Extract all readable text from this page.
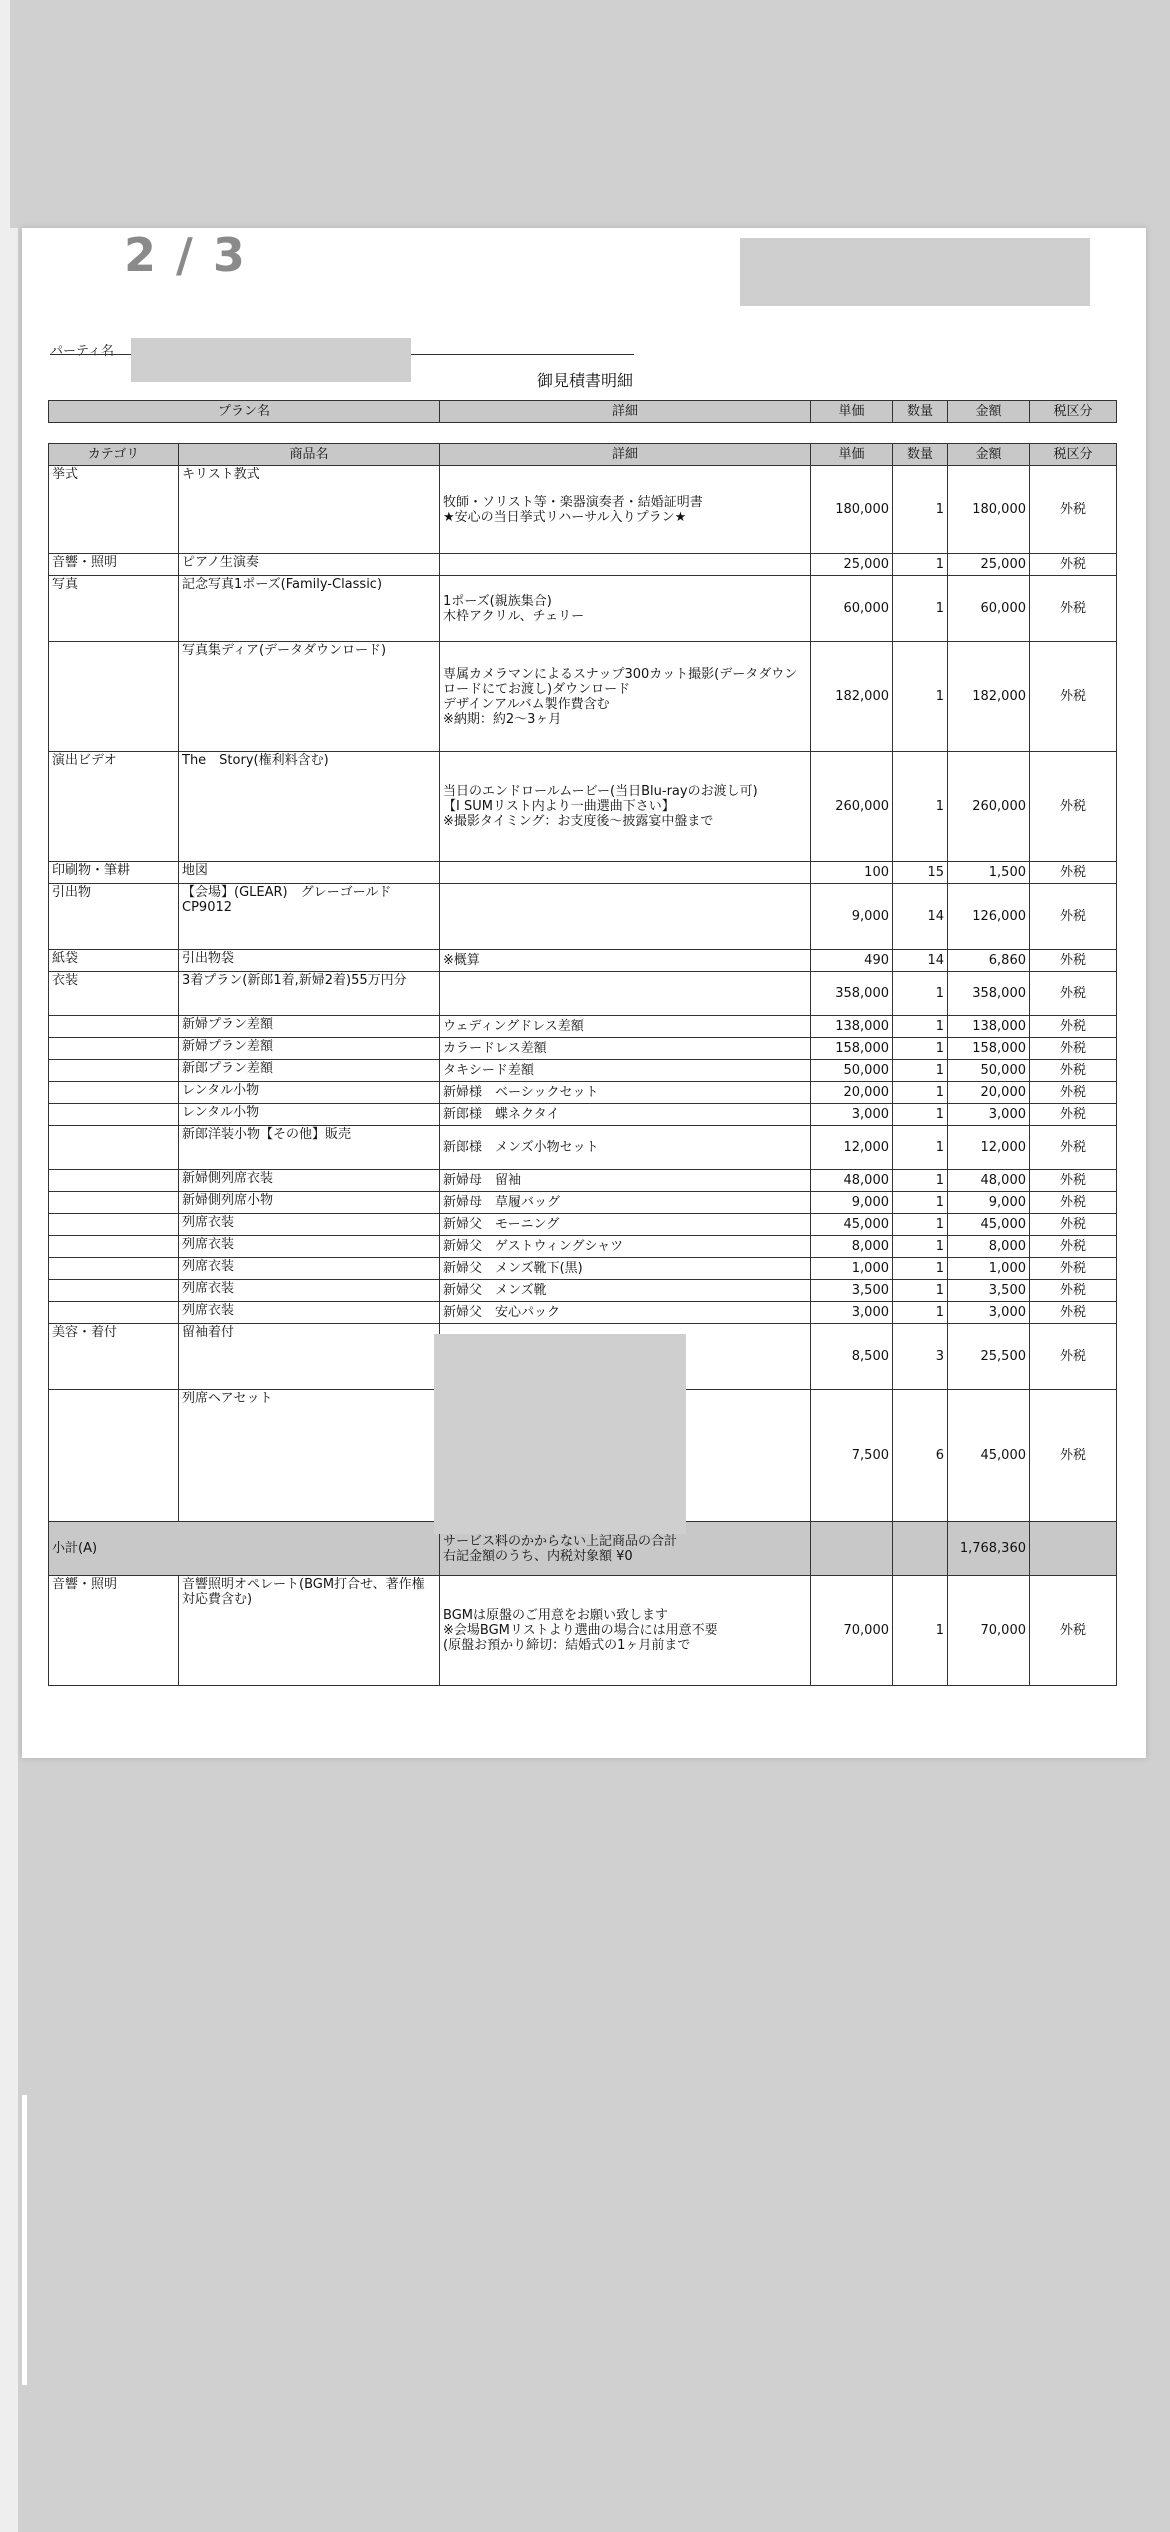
2 / 3
パーティ名
御見積書明細
プラン名	詳細	単価	数量	金額	税区分
カテゴリ	商品名	詳細	単価	数量	金額	税区分
挙式	キリスト教式	牧師・ソリスト等・楽器演奏者・結婚証明書
★安心の当日挙式リハーサル入りプラン★	180,000	1	180,000	外税
音響・照明	ピアノ生演奏		25,000	1	25,000	外税
写真	記念写真1ポーズ(Family-Classic)	1ポーズ(親族集合)
木枠アクリル、チェリー	60,000	1	60,000	外税
	写真集ディア(データダウンロード)	専属カメラマンによるスナップ300カット撮影(データダウン
ロードにてお渡し)ダウンロード
デザインアルバム製作費含む
※納期：約2～3ヶ月	182,000	1	182,000	外税
演出ビデオ	The　Story(権利料含む)	当日のエンドロールムービー(当日Blu-rayのお渡し可)
【I SUMリスト内より一曲選曲下さい】
※撮影タイミング：お支度後～披露宴中盤まで	260,000	1	260,000	外税
印刷物・筆耕	地図		100	15	1,500	外税
引出物	【会場】(GLEAR)　グレーゴールド　CP9012		9,000	14	126,000	外税
紙袋	引出物袋	※概算	490	14	6,860	外税
衣装	3着プラン(新郎1着,新婦2着)55万円分		358,000	1	358,000	外税
	新婦プラン差額	ウェディングドレス差額	138,000	1	138,000	外税
	新婦プラン差額	カラードレス差額	158,000	1	158,000	外税
	新郎プラン差額	タキシード差額	50,000	1	50,000	外税
	レンタル小物	新婦様　ベーシックセット	20,000	1	20,000	外税
	レンタル小物	新郎様　蝶ネクタイ	3,000	1	3,000	外税
	新郎洋装小物【その他】販売	新郎様　メンズ小物セット	12,000	1	12,000	外税
	新婦側列席衣装	新婦母　留袖	48,000	1	48,000	外税
	新婦側列席小物	新婦母　草履バッグ	9,000	1	9,000	外税
	列席衣装	新婦父　モーニング	45,000	1	45,000	外税
	列席衣装	新婦父　ゲストウィングシャツ	8,000	1	8,000	外税
	列席衣装	新婦父　メンズ靴下(黒)	1,000	1	1,000	外税
	列席衣装	新婦父　メンズ靴	3,500	1	3,500	外税
	列席衣装	新婦父　安心パック	3,000	1	3,000	外税
美容・着付	留袖着付		8,500	3	25,500	外税
	列席ヘアセット		7,500	6	45,000	外税
小計(A)		サービス料のかからない上記商品の合計
右記金額のうち、内税対象額 ¥0			1,768,360	
音響・照明	音響照明オペレート(BGM打合せ、著作権対応費含む)	BGMは原盤のご用意をお願い致します
※会場BGMリストより選曲の場合には用意不要
(原盤お預かり締切：結婚式の1ヶ月前まで	70,000	1	70,000	外税
